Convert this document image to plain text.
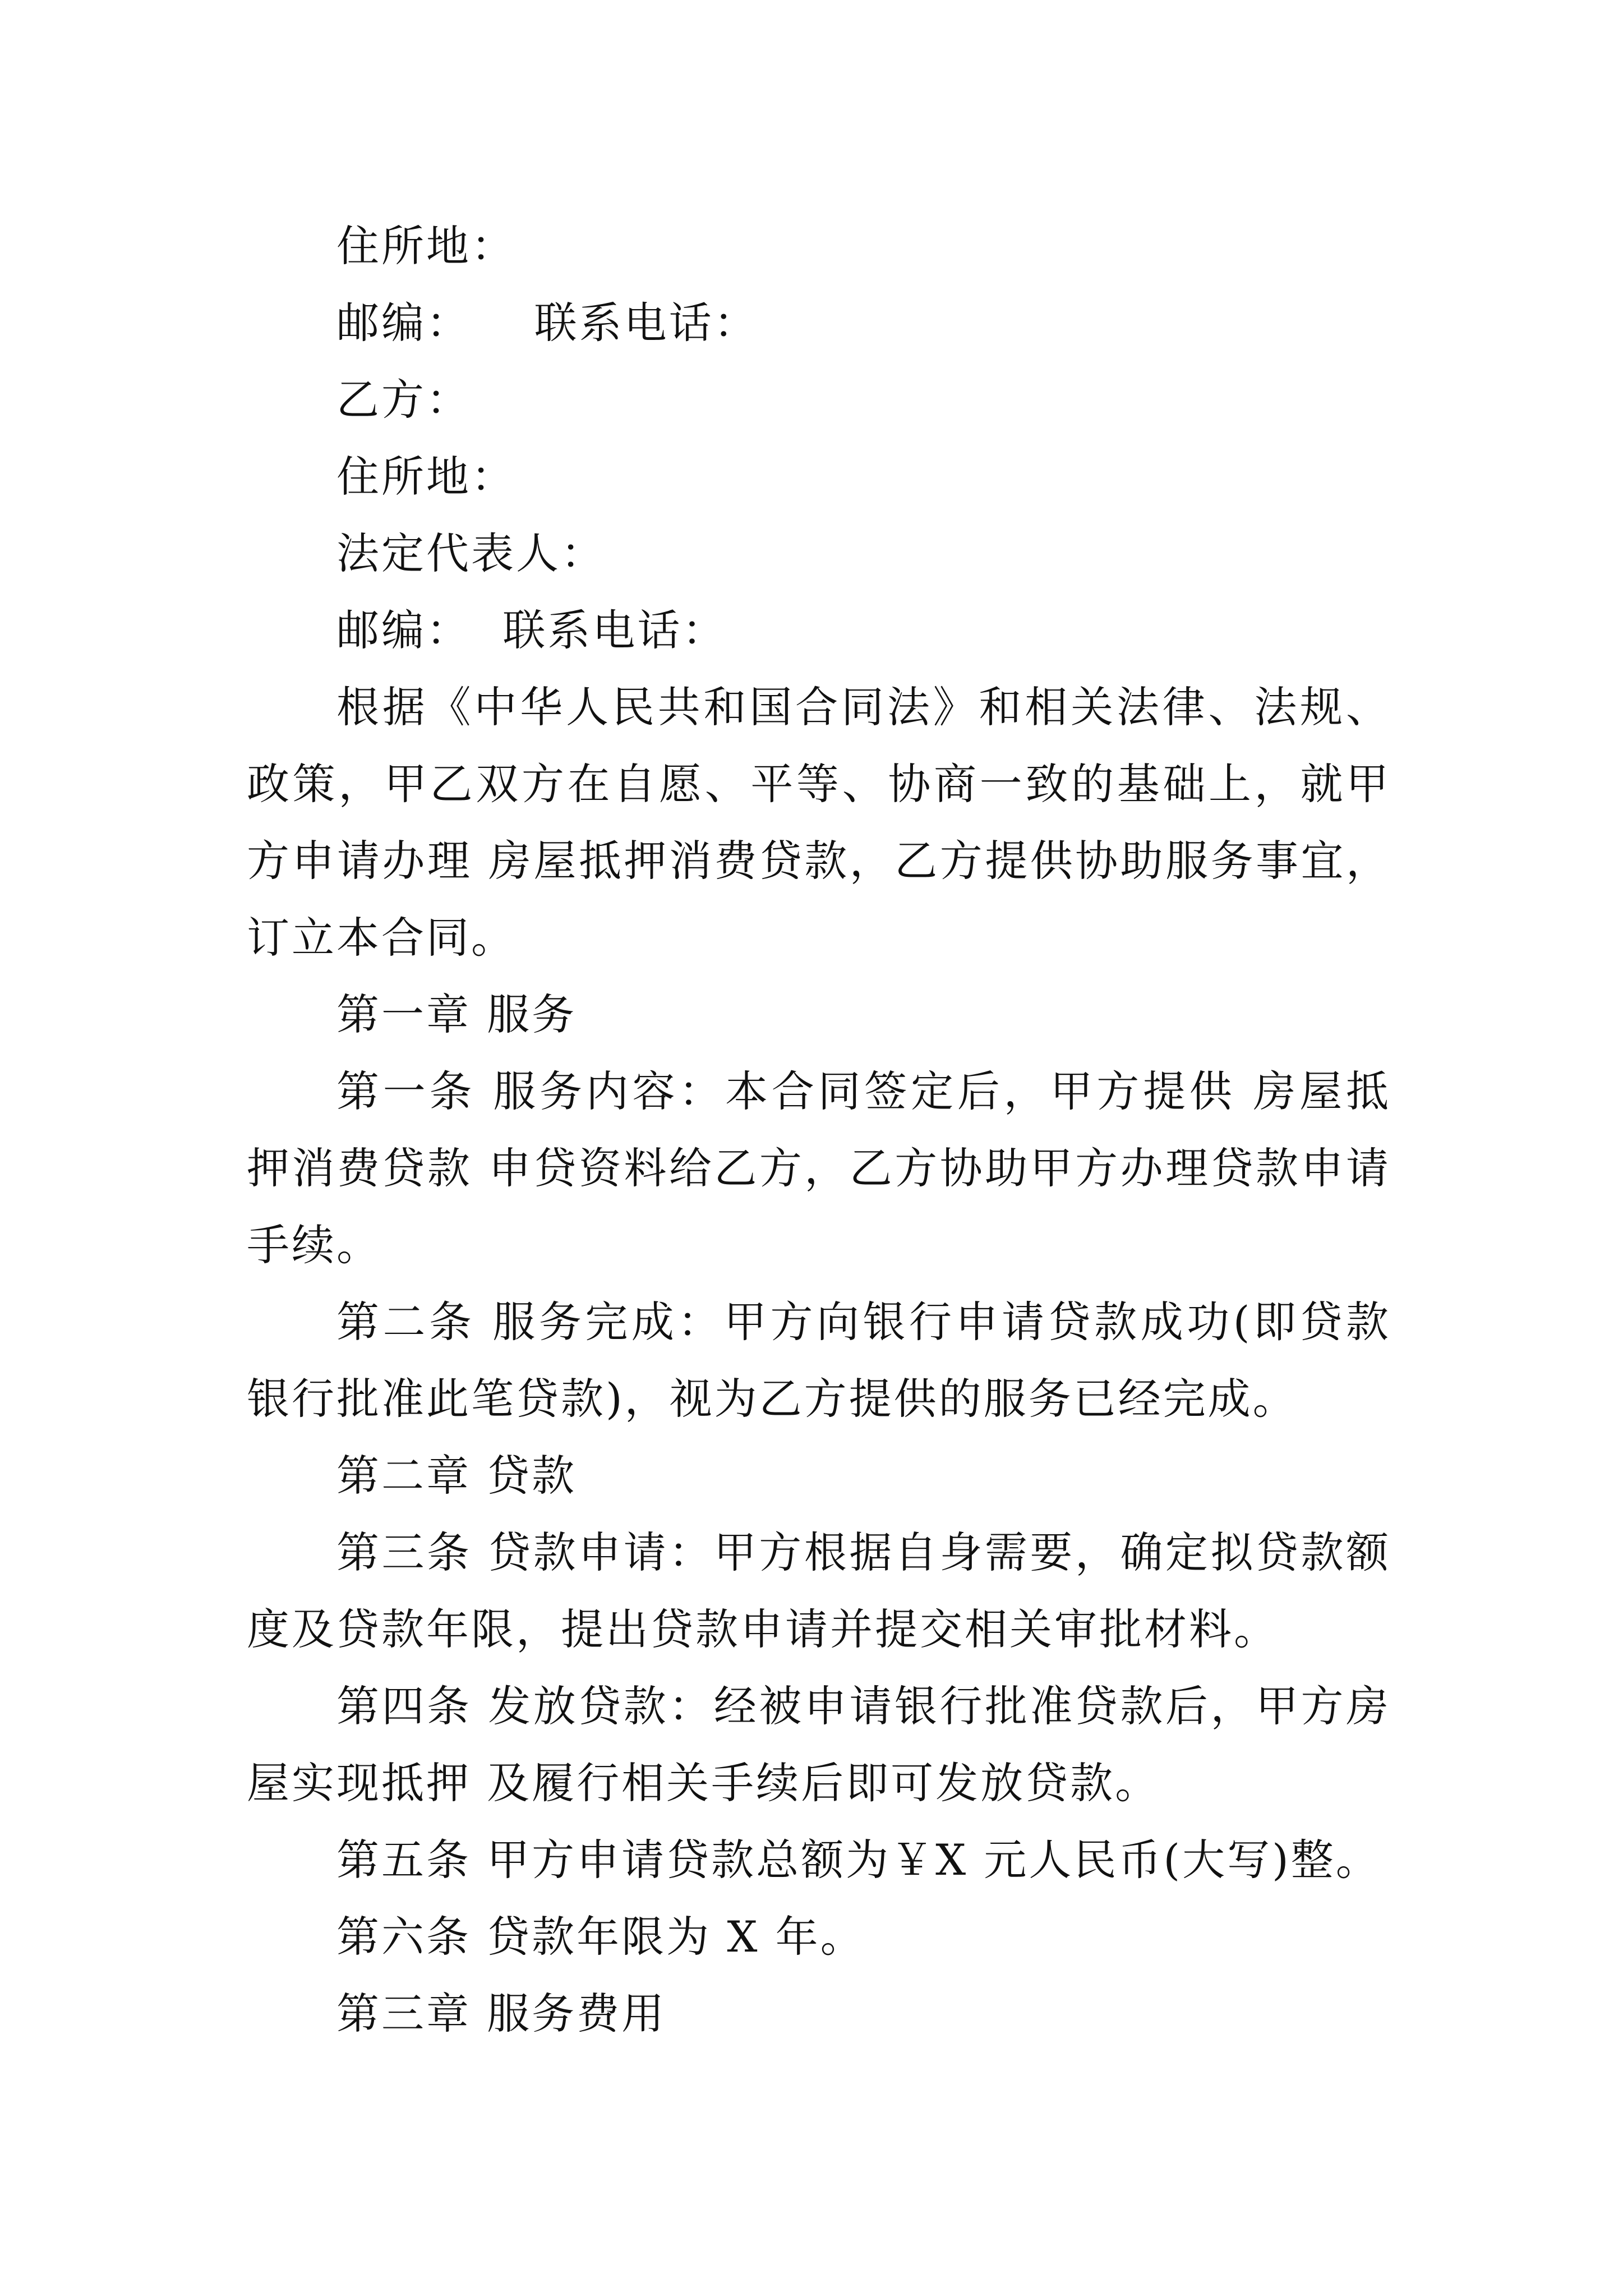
住所地：

邮编：    联系电话：

乙方：

住所地：

法定代表人：

邮编：  联系电话：

根据《中华人民共和国合同法》和相关法律、法规、政策，甲乙双方在自愿、平等、协商一致的基础上，就甲方申请办理 房屋抵押消费贷款，乙方提供协助服务事宜，订立本合同。

第一章 服务

第一条 服务内容：本合同签定后，甲方提供 房屋抵押消费贷款 申贷资料给乙方，乙方协助甲方办理贷款申请手续。

第二条 服务完成：甲方向银行申请贷款成功(即贷款银行批准此笔贷款)，视为乙方提供的服务已经完成。

第二章 贷款

第三条 贷款申请：甲方根据自身需要，确定拟贷款额度及贷款年限，提出贷款申请并提交相关审批材料。

第四条 发放贷款：经被申请银行批准贷款后，甲方房屋实现抵押 及履行相关手续后即可发放贷款。

第五条 甲方申请贷款总额为￥X 元人民币(大写)整。

第六条 贷款年限为 X 年。

第三章 服务费用
